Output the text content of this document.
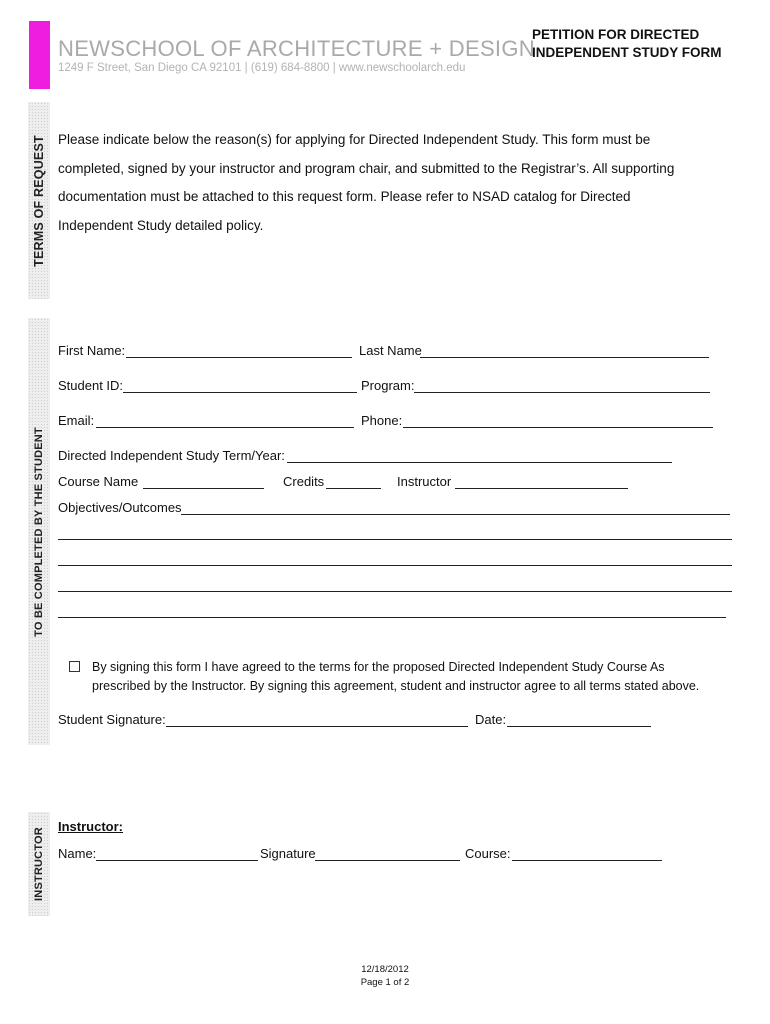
NEWSCHOOL OF ARCHITECTURE + DESIGN
1249 F Street, San Diego CA 92101 | (619) 684-8800 | www.newschoolarch.edu
PETITION FOR DIRECTED
INDEPENDENT STUDY FORM
TERMS OF REQUEST
TO BE COMPLETED BY THE STUDENT
INSTRUCTOR

Please indicate below the reason(s) for applying for Directed Independent Study. This form must be

completed, signed by your instructor and program chair, and submitted to the Registrar’s. All supporting

documentation must be attached to this request form. Please refer to NSAD catalog for Directed

Independent Study detailed policy.

First Name:	Last Name
Student ID:	Program:
Email:	Phone:
Directed Independent Study Term/Year:
Course Name	Credits	Instructor
Objectives/Outcomes
By signing this form I have agreed to the terms for the proposed Directed Independent Study Course As
prescribed by the Instructor. By signing this agreement, student and instructor agree to all terms stated above.
Student Signature:	Date:
Instructor:
Name:	Signature	Course:
12/18/2012
Page 1 of 2
